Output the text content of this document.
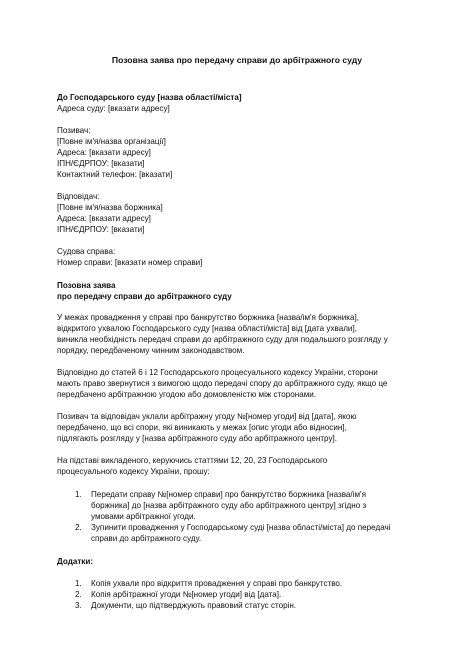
Позовна заява про передачу справи до арбітражного суду
До Господарського суду [назва області/міста]
Адреса суду: [вказати адресу]
Позивач:
[Повне ім'я/назва організації]
Адреса: [вказати адресу]
ІПН/ЄДРПОУ: [вказати]
Контактний телефон: [вказати]
Відповідач:
[Повне ім'я/назва боржника]
Адреса: [вказати адресу]
ІПН/ЄДРПОУ: [вказати]
Судова справа:
Номер справи: [вказати номер справи]
Позовна заява
про передачу справи до арбітражного суду
У межах провадження у справі про банкрутство боржника [назва/ім'я боржника],
відкритого ухвалою Господарського суду [назва області/міста] від [дата ухвали],
виникла необхідність передачі справи до арбітражного суду для подальшого розгляду у
порядку, передбаченому чинним законодавством.
Відповідно до статей 6 і 12 Господарського процесуального кодексу України, сторони
мають право звернутися з вимогою щодо передачі спору до арбітражного суду, якщо це
передбачено арбітражною угодою або домовленістю між сторонами.
Позивач та відповідач уклали арбітражну угоду №[номер угоди] від [дата], якою
передбачено, що всі спори, які виникають у межах [опис угоди або відносин],
підлягають розгляду у [назва арбітражного суду або арбітражного центру].
На підставі викладеного, керуючись статтями 12, 20, 23 Господарського
процесуального кодексу України, прошу:
1. Передати справу №[номер справи] про банкрутство боржника [назва/ім'я
боржника] до [назва арбітражного суду або арбітражного центру] згідно з
умовами арбітражної угоди.
2. Зупинити провадження у Господарському суді [назва області/міста] до передачі
справи до арбітражного суду.
Додатки:
1. Копія ухвали про відкриття провадження у справі про банкрутство.
2. Копія арбітражної угоди №[номер угоди] від [дата].
3. Документи, що підтверджують правовий статус сторін.
